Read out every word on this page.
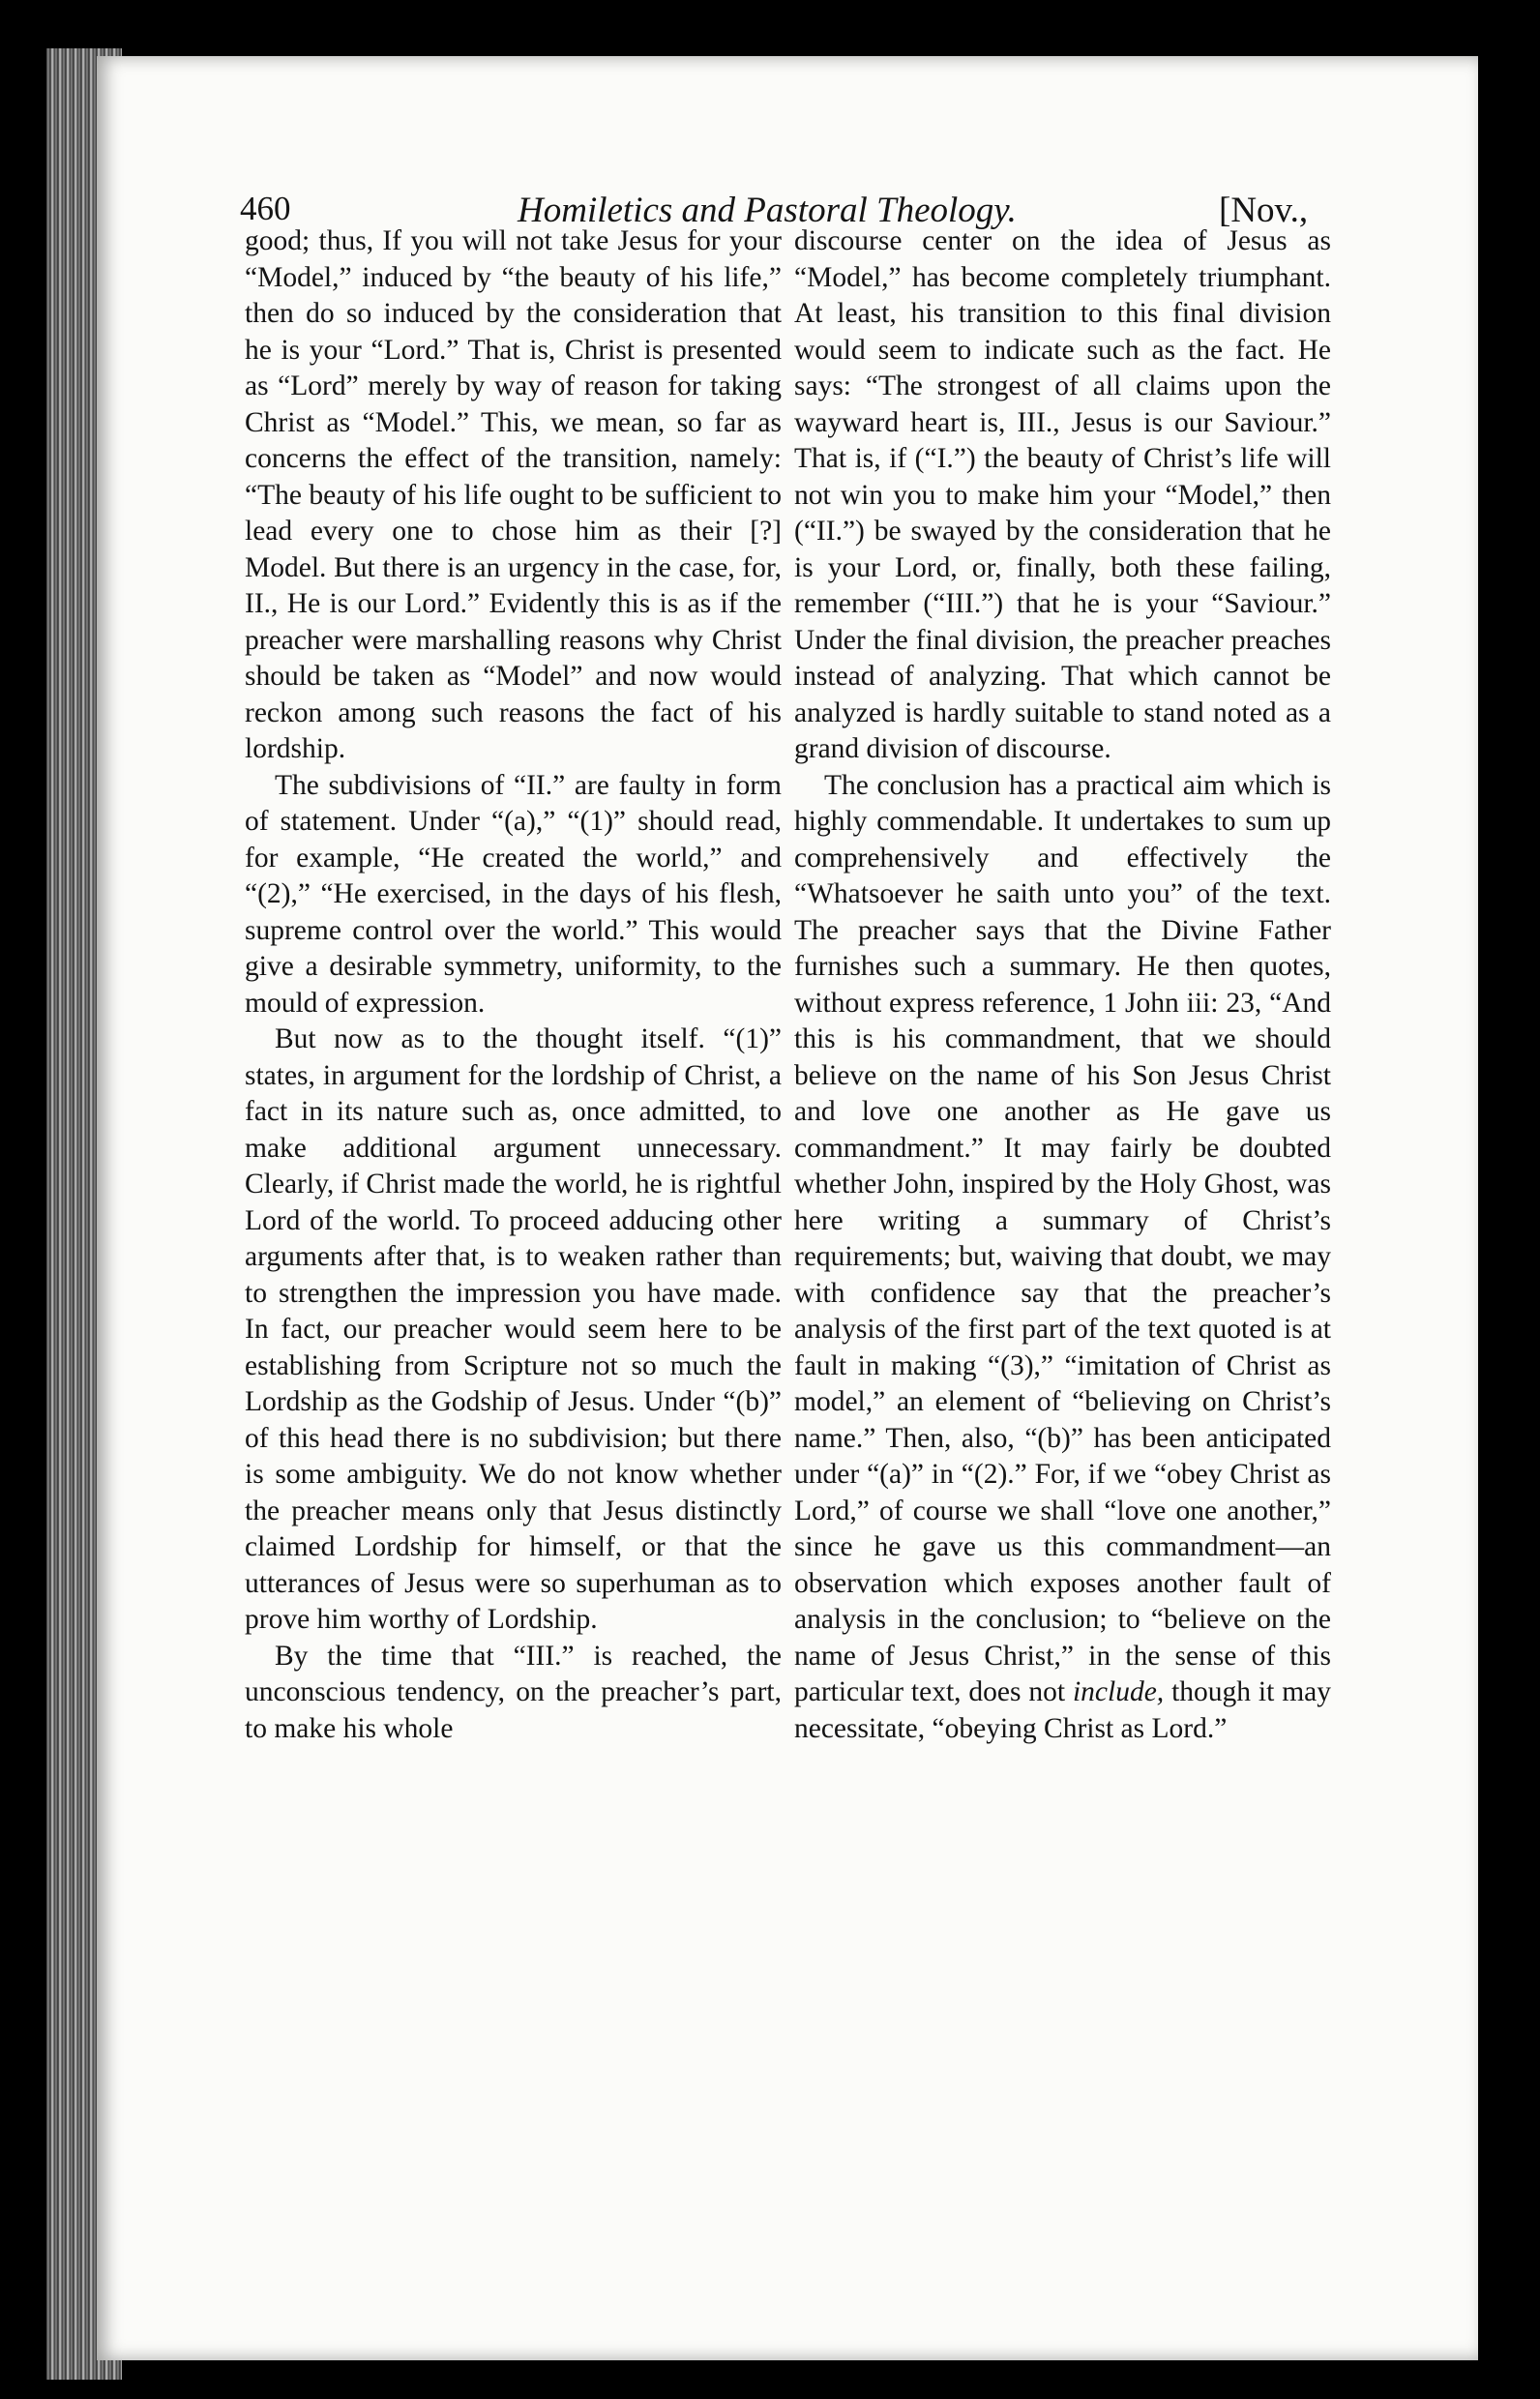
460	Homiletics and Pastoral Theology.	[Nov.,

good; thus, If you will not take Jesus for your “Model,” induced by “the beauty of his life,” then do so induced by the consideration that he is your “Lord.” That is, Christ is presented as “Lord” merely by way of reason for taking Christ as “Model.” This, we mean, so far as concerns the effect of the transition, namely: “The beauty of his life ought to be sufficient to lead every one to chose him as their [?] Model. But there is an urgency in the case, for, II., He is our Lord.” Evidently this is as if the preacher were marshalling reasons why Christ should be taken as “Model” and now would reckon among such reasons the fact of his lordship.

The subdivisions of “II.” are faulty in form of statement. Under “(a),” “(1)” should read, for example, “He created the world,” and “(2),” “He exercised, in the days of his flesh, supreme control over the world.” This would give a desirable symmetry, uniformity, to the mould of expression.

But now as to the thought itself. “(1)” states, in argument for the lordship of Christ, a fact in its nature such as, once admitted, to make additional argument unnecessary. Clearly, if Christ made the world, he is rightful Lord of the world. To proceed adducing other arguments after that, is to weaken rather than to strengthen the impression you have made. In fact, our preacher would seem here to be establishing from Scripture not so much the Lordship as the Godship of Jesus. Under “(b)” of this head there is no subdivision; but there is some ambiguity. We do not know whether the preacher means only that Jesus distinctly claimed Lordship for himself, or that the utterances of Jesus were so superhuman as to prove him worthy of Lordship.

By the time that “III.” is reached, the unconscious tendency, on the preacher’s part, to make his whole

discourse center on the idea of Jesus as “Model,” has become completely triumphant. At least, his transition to this final division would seem to indicate such as the fact. He says: “The strongest of all claims upon the wayward heart is, III., Jesus is our Saviour.” That is, if (“I.”) the beauty of Christ’s life will not win you to make him your “Model,” then (“II.”) be swayed by the consideration that he is your Lord, or, finally, both these failing, remember (“III.”) that he is your “Saviour.” Under the final division, the preacher preaches instead of analyzing. That which cannot be analyzed is hardly suitable to stand noted as a grand division of discourse.

The conclusion has a practical aim which is highly commendable. It undertakes to sum up comprehensively and effectively the “Whatsoever he saith unto you” of the text. The preacher says that the Divine Father furnishes such a summary. He then quotes, without express reference, 1 John iii: 23, “And this is his commandment, that we should believe on the name of his Son Jesus Christ and love one another as He gave us commandment.” It may fairly be doubted whether John, inspired by the Holy Ghost, was here writing a summary of Christ’s requirements; but, waiving that doubt, we may with confidence say that the preacher’s analysis of the first part of the text quoted is at fault in making “(3),” “imitation of Christ as model,” an element of “believing on Christ’s name.” Then, also, “(b)” has been anticipated under “(a)” in “(2).” For, if we “obey Christ as Lord,” of course we shall “love one another,” since he gave us this commandment—an observation which exposes another fault of analysis in the conclusion; to “believe on the name of Jesus Christ,” in the sense of this particular text, does not include, though it may necessitate, “obeying Christ as Lord.”
